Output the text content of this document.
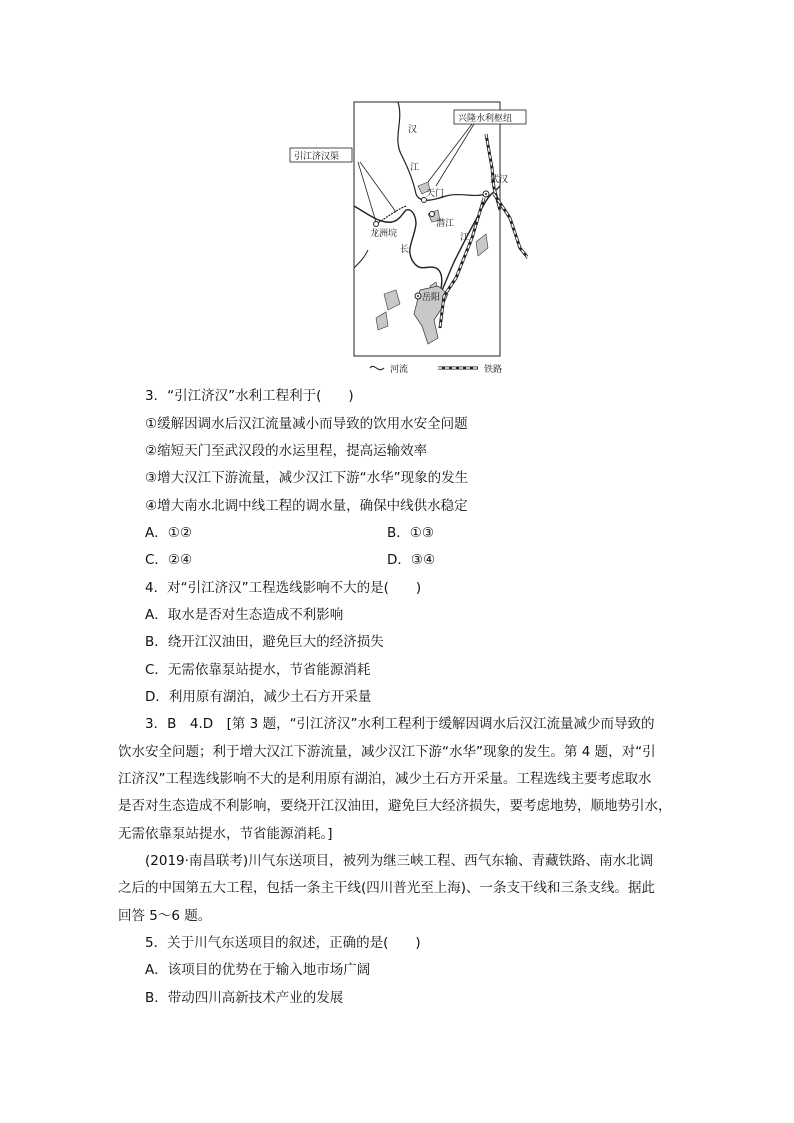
引江济汉渠
兴隆水利枢纽
汉
江
天门
武汉
潜江
江
龙洲垸
长
岳阳
河流	铁路
3．“引江济汉”水利工程利于(　　)
①缓解因调水后汉江流量减小而导致的饮用水安全问题
②缩短天门至武汉段的水运里程，提高运输效率
③增大汉江下游流量，减少汉江下游“水华”现象的发生
④增大南水北调中线工程的调水量，确保中线供水稳定
A．①②	B．①③
C．②④	D．③④
4．对“引江济汉”工程选线影响不大的是(　　)
A．取水是否对生态造成不利影响
B．绕开江汉油田，避免巨大的经济损失
C．无需依靠泵站提水，节省能源消耗
D．利用原有湖泊，减少土石方开采量
3．B　4.D　[第 3 题，“引江济汉”水利工程利于缓解因调水后汉江流量减少而导致的
饮水安全问题；利于增大汉江下游流量，减少汉江下游“水华”现象的发生。第 4 题，对“引
江济汉”工程选线影响不大的是利用原有湖泊，减少土石方开采量。工程选线主要考虑取水
是否对生态造成不利影响，要绕开江汉油田，避免巨大经济损失，要考虑地势，顺地势引水，
无需依靠泵站提水，节省能源消耗。]
(2019·南昌联考)川气东送项目，被列为继三峡工程、西气东输、青藏铁路、南水北调
之后的中国第五大工程，包括一条主干线(四川普光至上海)、一条支干线和三条支线。据此
回答 5～6 题。
5．关于川气东送项目的叙述，正确的是(　　)
A．该项目的优势在于输入地市场广阔
B．带动四川高新技术产业的发展
